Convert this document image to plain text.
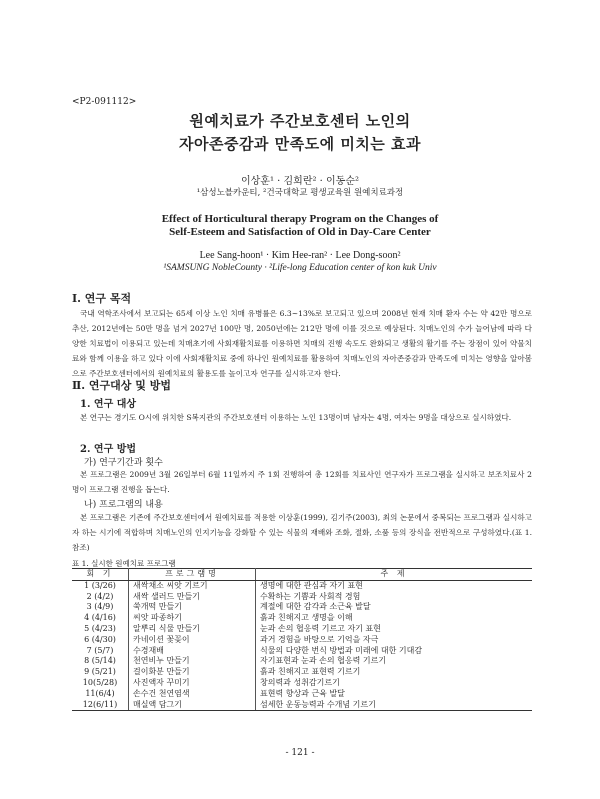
<P2-091112>
원예치료가 주간보호센터 노인의
자아존중감과 만족도에 미치는 효과
이상훈¹ · 김희란² · 이동순²
¹삼성노블카운티, ²건국대학교 평생교육원 원예치료과정
Effect of Horticultural therapy Program on the Changes of
Self-Esteem and Satisfaction of Old in Day-Care Center
Lee Sang-hoon¹ · Kim Hee-ran² · Lee Dong-soon²
¹SAMSUNG NobleCounty · ²Life-long Education center of kon kuk Univ
Ⅰ. 연구 목적
국내 역학조사에서 보고되는 65세 이상 노인 치매 유병률은 6.3~13%로 보고되고 있으며 2008년 현재 치매 환자 수는 약 42만 명으로 추산, 2012년에는 50만 명을 넘겨 2027년 100만 명, 2050년에는 212만 명에 이를 것으로 예상된다. 치매노인의 수가 늘어남에 따라 다양한 치료법이 이용되고 있는데 치매초기에 사회재활치료를 이용하면 치매의 진행 속도도 완화되고 생활의 활기를 주는 장점이 있어 약물치료와 함께 이용을 하고 있다 이에 사회재활치료 중에 하나인 원예치료를 활용하여 치매노인의 자아존중감과 만족도에 미치는 영향을 알아봄으로 주간보호센터에서의 원예치료의 활용도를 높이고자 연구를 실시하고자 한다.
Ⅱ. 연구대상 및 방법
1. 연구 대상
본 연구는 경기도 O시에 위치한 S복지관의 주간보호센터 이용하는 노인 13명이며 남자는 4명, 여자는 9명을 대상으로 실시하였다.
2. 연구 방법
가) 연구기간과 횟수
본 프로그램은 2009년 3월 26일부터 6월 11일까지 주 1회 진행하여 총 12회를 치료사인 연구자가 프로그램을 실시하고 보조치료사 2명이 프로그램 진행을 돕는다.
나) 프로그램의 내용
본 프로그램은 기존에 주간보호센터에서 원예치료를 적용한 이상훈(1999), 김기주(2003), 최의 논문에서 중복되는 프로그램과 실시하고자 하는 시기에 적합하며 치매노인의 인지기능을 강화할 수 있는 식물의 재배와 조화, 절화, 소품 등의 장식을 전반적으로 구성하였다.(표 1. 참조)
표 1. 실시한 원예치료 프로그램
회 기	프로그램명	주 제
1 (3/26)	새싹채소 씨앗 기르기	생명에 대한 관심과 자기 표현
2 (4/2)	새싹 샐러드 만들기	수확하는 기쁨과 사회적 경험
3 (4/9)	쑥개떡 만들기	계절에 대한 감각과 소근육 발달
4 (4/16)	씨앗 파종하기	흙과 친해지고 생명을 이해
5 (4/23)	알뿌리 식물 만들기	눈과 손의 협응력 기르고 자기 표현
6 (4/30)	카네이션 꽃꽂이	과거 경험을 바탕으로 기억을 자극
7 (5/7)	수경재배	식물의 다양한 번식 방법과 미래에 대한 기대감
8 (5/14)	천연비누 만들기	자기표현과 눈과 손의 협응력 기르기
9 (5/21)	걸이화분 만들기	흙과 친해지고 표현력 기르기
10(5/28)	사진액자 꾸미기	창의력과 성취감기르기
11(6/4)	손수건 천연염색	표현력 향상과 근육 발달
12(6/11)	매실액 담그기	섬세한 운동능력과 수개념 기르기
- 121 -
